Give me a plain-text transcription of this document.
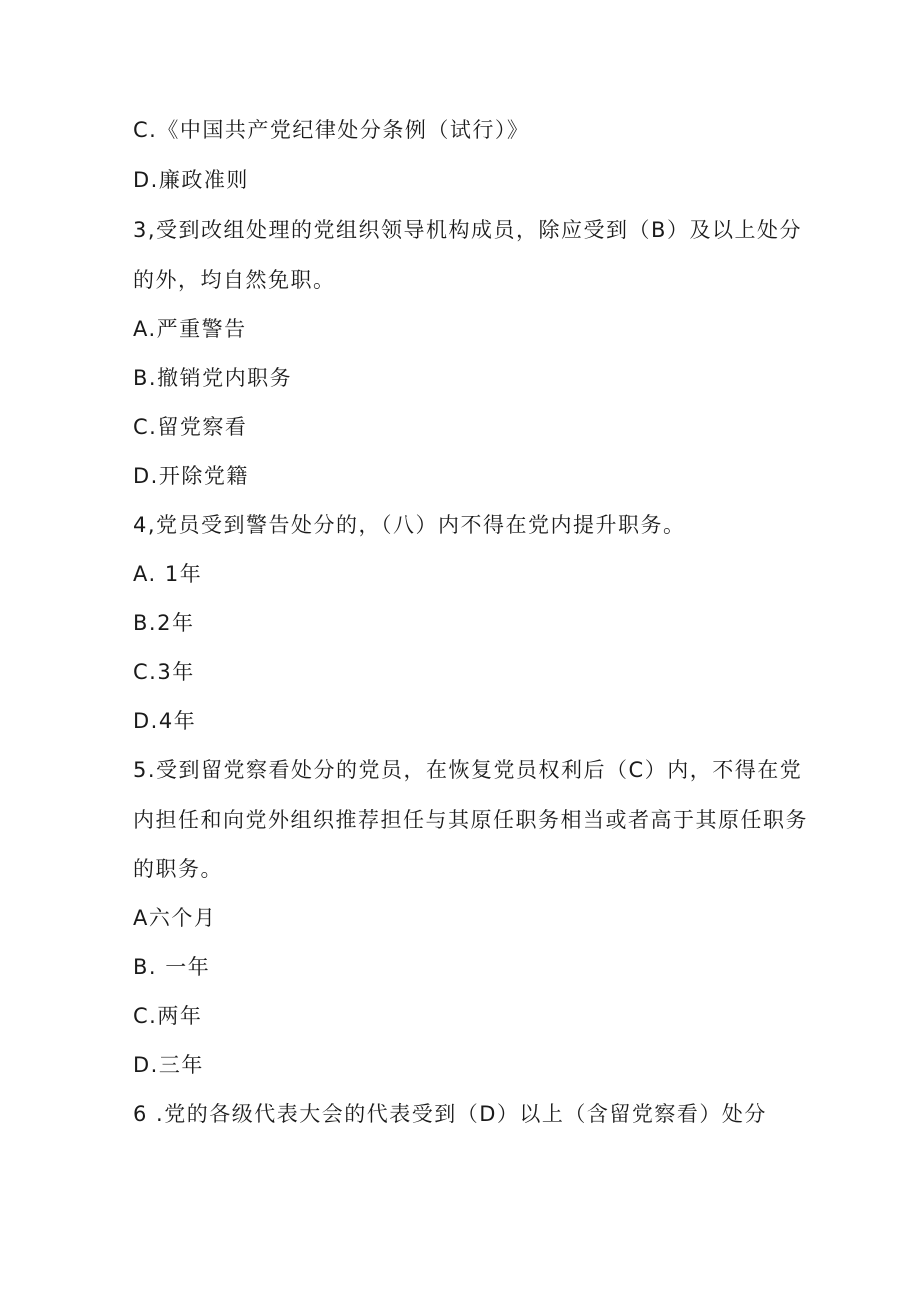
C.《中国共产党纪律处分条例（试行）》
D.廉政准则
3,受到改组处理的党组织领导机构成员，除应受到（B）及以上处分
的外，均自然免职。
A.严重警告
B.撤销党内职务
C.留党察看
D.开除党籍
4,党员受到警告处分的，（八）内不得在党内提升职务。
A. 1年
B.2年
C.3年
D.4年
5.受到留党察看处分的党员，在恢复党员权利后（C）内，不得在党
内担任和向党外组织推荐担任与其原任职务相当或者高于其原任职务
的职务。
A六个月
B. 一年
C.两年
D.三年
6 .党的各级代表大会的代表受到（D）以上（含留党察看）处分
